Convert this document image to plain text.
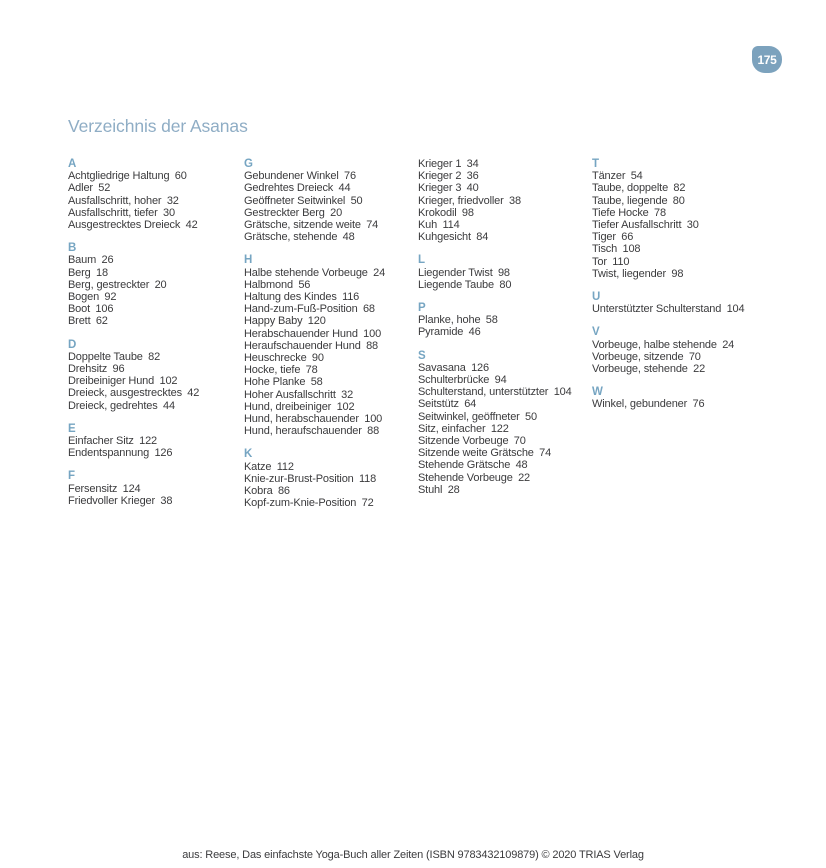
175
Verzeichnis der Asanas
A
Achtgliedrige Haltung  60
Adler  52
Ausfallschritt, hoher  32
Ausfallschritt, tiefer  30
Ausgestrecktes Dreieck  42
B
Baum  26
Berg  18
Berg, gestreckter  20
Bogen  92
Boot  106
Brett  62
D
Doppelte Taube  82
Drehsitz  96
Dreibeiniger Hund  102
Dreieck, ausgestrecktes  42
Dreieck, gedrehtes  44
E
Einfacher Sitz  122
Endentspannung  126
F
Fersensitz  124
Friedvoller Krieger  38
G
Gebundener Winkel  76
Gedrehtes Dreieck  44
Geöffneter Seitwinkel  50
Gestreckter Berg  20
Grätsche, sitzende weite  74
Grätsche, stehende  48
H
Halbe stehende Vorbeuge  24
Halbmond  56
Haltung des Kindes  116
Hand-zum-Fuß-Position  68
Happy Baby  120
Herabschauender Hund  100
Heraufschauender Hund  88
Heuschrecke  90
Hocke, tiefe  78
Hohe Planke  58
Hoher Ausfallschritt  32
Hund, dreibeiniger  102
Hund, herabschauender  100
Hund, heraufschauender  88
K
Katze  112
Knie-zur-Brust-Position  118
Kobra  86
Kopf-zum-Knie-Position  72
Krieger 1  34
Krieger 2  36
Krieger 3  40
Krieger, friedvoller  38
Krokodil  98
Kuh  114
Kuhgesicht  84
L
Liegender Twist  98
Liegende Taube  80
P
Planke, hohe  58
Pyramide  46
S
Savasana  126
Schulterbrücke  94
Schulterstand, unterstützter  104
Seitstütz  64
Seitwinkel, geöffneter  50
Sitz, einfacher  122
Sitzende Vorbeuge  70
Sitzende weite Grätsche  74
Stehende Grätsche  48
Stehende Vorbeuge  22
Stuhl  28
T
Tänzer  54
Taube, doppelte  82
Taube, liegende  80
Tiefe Hocke  78
Tiefer Ausfallschritt  30
Tiger  66
Tisch  108
Tor  110
Twist, liegender  98
U
Unterstützter Schulterstand  104
V
Vorbeuge, halbe stehende  24
Vorbeuge, sitzende  70
Vorbeuge, stehende  22
W
Winkel, gebundener  76
aus: Reese, Das einfachste Yoga-Buch aller Zeiten (ISBN 9783432109879) © 2020 TRIAS Verlag
